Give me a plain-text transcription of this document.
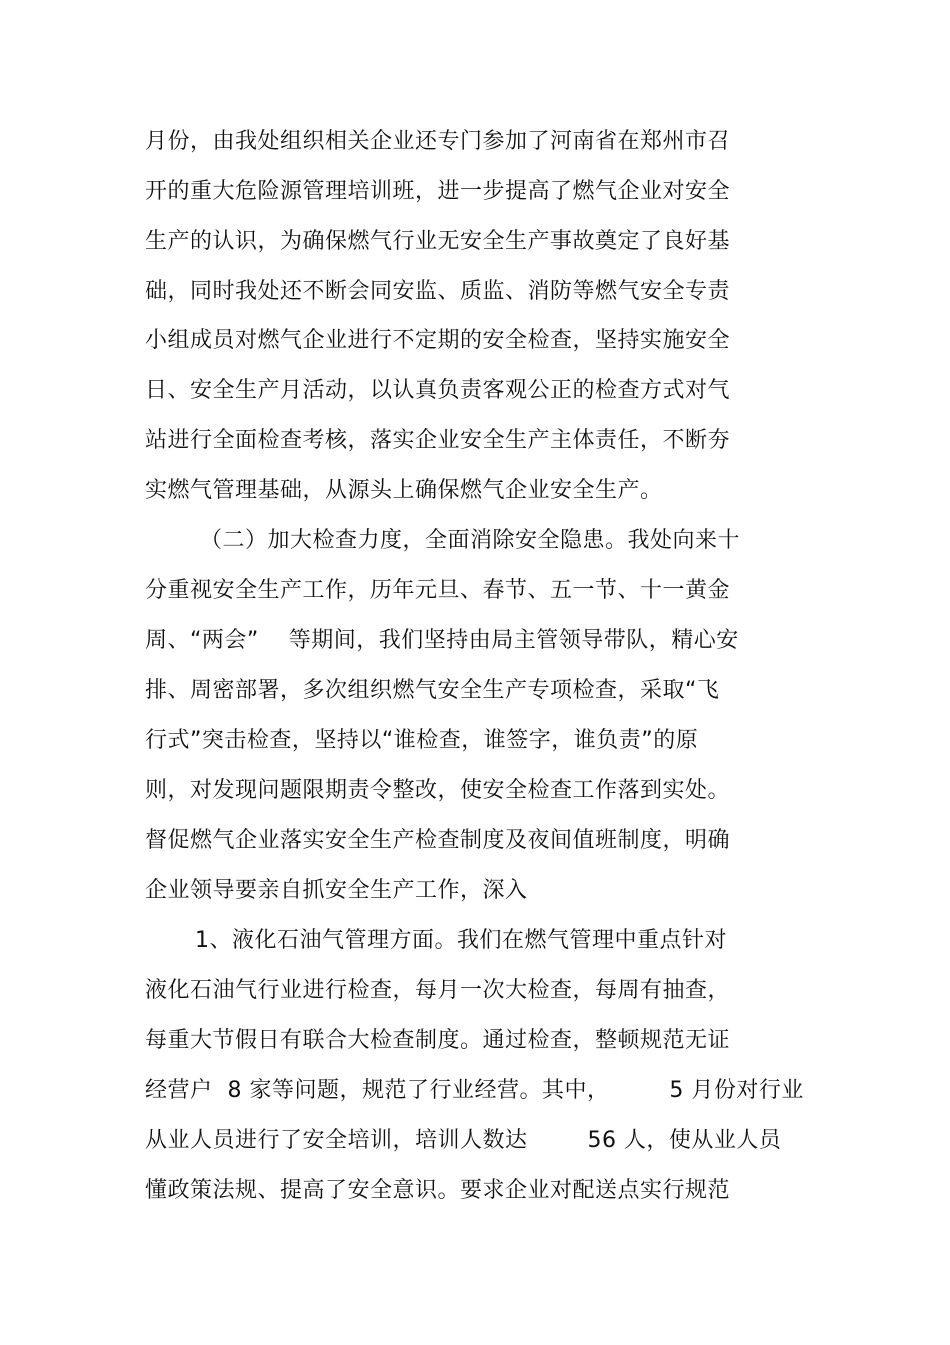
月份，由我处组织相关企业还专门参加了河南省在郑州市召
开的重大危险源管理培训班，进一步提高了燃气企业对安全
生产的认识，为确保燃气行业无安全生产事故奠定了良好基
础，同时我处还不断会同安监、质监、消防等燃气安全专责
小组成员对燃气企业进行不定期的安全检查，坚持实施安全
日、安全生产月活动，以认真负责客观公正的检查方式对气
站进行全面检查考核，落实企业安全生产主体责任，不断夯
实燃气管理基础，从源头上确保燃气企业安全生产。
（二）加大检查力度，全面消除安全隐患。我处向来十
分重视安全生产工作，历年元旦、春节、五一节、十一黄金
周、“两会”    等期间，我们坚持由局主管领导带队，精心安
排、周密部署，多次组织燃气安全生产专项检查，采取“飞
行式”突击检查，坚持以“谁检查，谁签字，谁负责”的原
则，对发现问题限期责令整改，使安全检查工作落到实处。
督促燃气企业落实安全生产检查制度及夜间值班制度，明确
企业领导要亲自抓安全生产工作，深入
1、液化石油气管理方面。我们在燃气管理中重点针对
液化石油气行业进行检查，每月一次大检查，每周有抽查，
每重大节假日有联合大检查制度。通过检查，整顿规范无证
经营户  8 家等问题，规范了行业经营。其中，        5 月份对行业
从业人员进行了安全培训，培训人数达        56 人，使从业人员
懂政策法规、提高了安全意识。要求企业对配送点实行规范
